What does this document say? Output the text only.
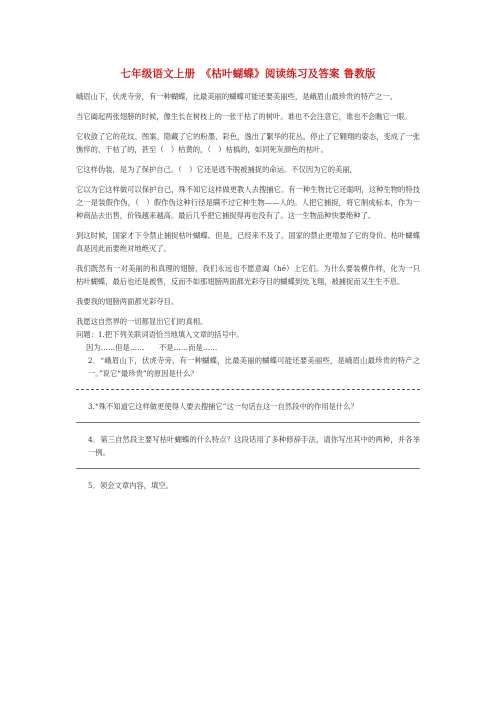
七年级语文上册　《枯叶蝴蝶》阅读练习及答案 鲁教版

峨眉山下，伏虎寺旁，有一种蝴蝶，比最美丽的蝴蝶可能还要美丽些，是峨眉山最珍贵的特产之一。

当它阖起两张翅膀的时候，像生长在树枝上的一张干枯了的树叶。谁也不会注意它，谁也不会瞧它一眼。

它收敛了它的花纹、图案、隐藏了它的粉墨、彩色，逸出了繁华的花丛，停止了它翱翔的姿态，变成了一张憔悴的、干枯了的，甚至（　）枯黄的，（　）枯槁的，如同死灰颜色的枯叶。

它这样伪装，是为了保护自己。（　）它还是逃不脱被捕捉的命运。不仅因为它的美丽，

它以为它这样做可以保护自己，殊不知它这样做更教人去搜捕它。有一种生物比它还聪明，这种生物的特技之一是装假作伪，（　）假作伪这种行径是瞒不过它种生物——人的。人把它捕捉，将它制成标本，作为一种商品去出售，价钱越来越高。最后几乎把它捕捉得再也没有了。这一生物品种快要绝种了。

到这时候，国家才下令禁止捕捉枯叶蝴蝶。但是，已经来不及了。国家的禁止更增加了它的身价。枯叶蝴蝶真是因此而要绝对地绝灭了。

我们既然有一对美丽的和真理的翅膀，我们永远也不愿意阖（hé）上它们。为什么要装模作样，化为一只枯叶蝴蝶，最后也还是被售，反而不如那翅膀两面都光彩夺目的蝴蝶到处飞翔，被捕捉而又生生不息。

我要我的翅膀两面都光彩夺目。

我愿这自然界的一切都显出它们的真相。

问题：1.把下列关联词语恰当地填入文章的括号中。

因为……但是……　　不是……而是……

2．“峨眉山下，伏虎寺旁，有一种蝴蝶，比最美丽的蝴蝶可能还要美丽些，是峨眉山最珍贵的特产之一。”说它“最珍贵”的原因是什么？

3.“殊不知道它这样做更使得人要去搜捕它”这一句话在这一自然段中的作用是什么？

4．第三自然段主要写枯叶蝴蝶的什么特点？这段话用了多种修辞手法，请你写出其中的两种，并各举一例。

5．领会文章内容，填空。
